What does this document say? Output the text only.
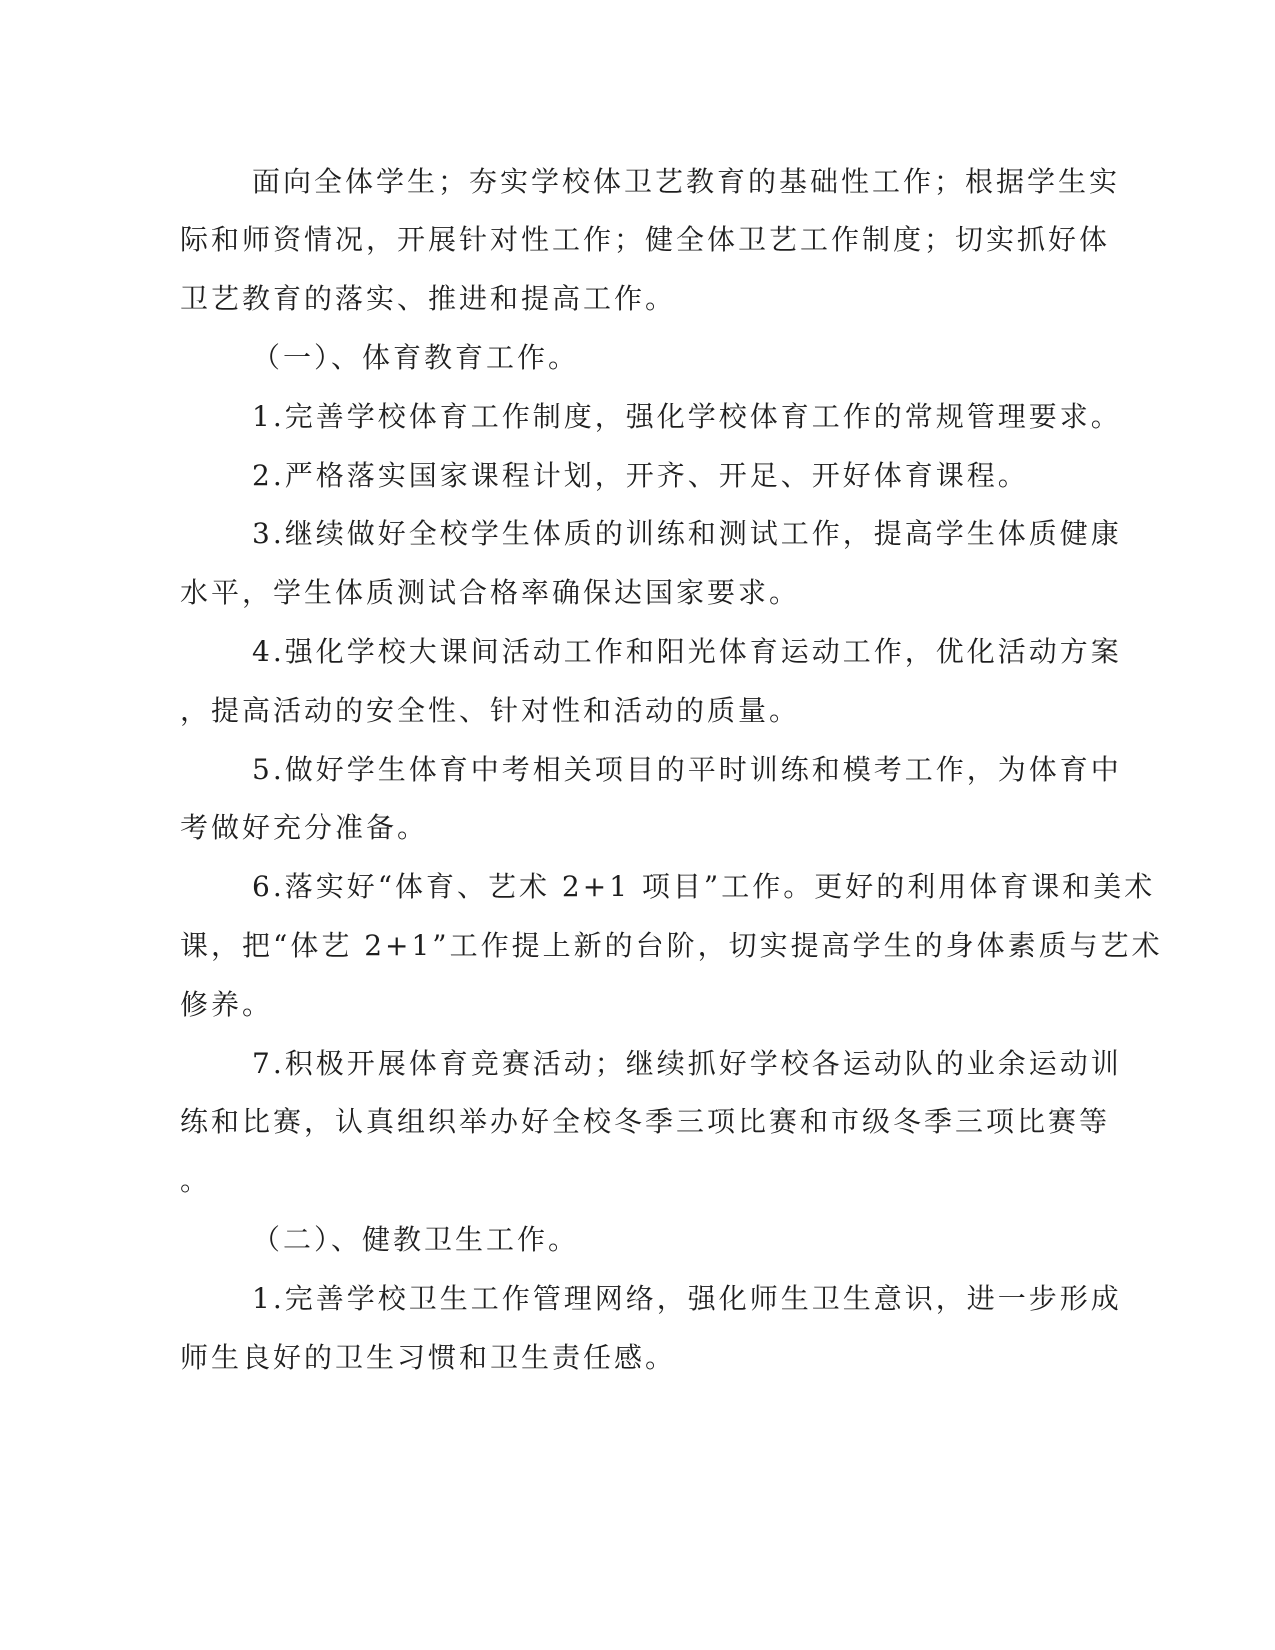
面向全体学生；夯实学校体卫艺教育的基础性工作；根据学生实
际和师资情况，开展针对性工作；健全体卫艺工作制度；切实抓好体
卫艺教育的落实、推进和提高工作。
（一）、体育教育工作。
1.完善学校体育工作制度，强化学校体育工作的常规管理要求。
2.严格落实国家课程计划，开齐、开足、开好体育课程。
3.继续做好全校学生体质的训练和测试工作，提高学生体质健康
水平，学生体质测试合格率确保达国家要求。
4.强化学校大课间活动工作和阳光体育运动工作，优化活动方案
，提高活动的安全性、针对性和活动的质量。
5.做好学生体育中考相关项目的平时训练和模考工作，为体育中
考做好充分准备。
6.落实好“体育、艺术 2+1 项目”工作。更好的利用体育课和美术
课，把“体艺 2+1”工作提上新的台阶，切实提高学生的身体素质与艺术
修养。
7.积极开展体育竞赛活动；继续抓好学校各运动队的业余运动训
练和比赛，认真组织举办好全校冬季三项比赛和市级冬季三项比赛等
。
（二）、健教卫生工作。
1.完善学校卫生工作管理网络，强化师生卫生意识，进一步形成
师生良好的卫生习惯和卫生责任感。
